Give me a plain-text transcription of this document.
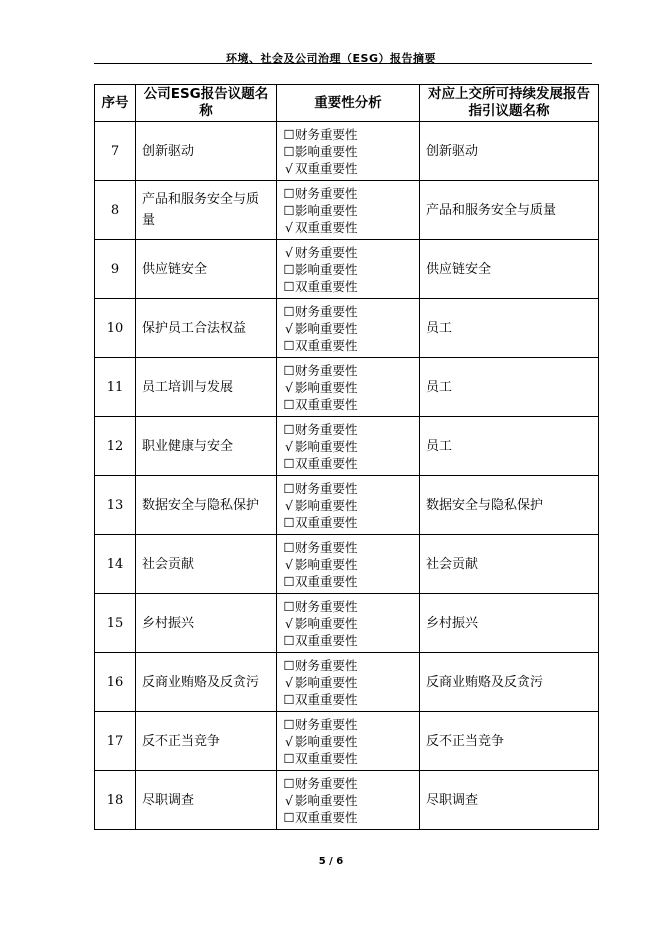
环境、社会及公司治理（ESG）报告摘要
序号	公司ESG报告议题名称	重要性分析	对应上交所可持续发展报告指引议题名称
7	创新驱动	☐财务重要性
☐影响重要性
√ 双重重要性	创新驱动
8	产品和服务安全与质量	☐财务重要性
☐影响重要性
√ 双重重要性	产品和服务安全与质量
9	供应链安全	√ 财务重要性
☐影响重要性
☐双重重要性	供应链安全
10	保护员工合法权益	☐财务重要性
√ 影响重要性
☐双重重要性	员工
11	员工培训与发展	☐财务重要性
√ 影响重要性
☐双重重要性	员工
12	职业健康与安全	☐财务重要性
√ 影响重要性
☐双重重要性	员工
13	数据安全与隐私保护	☐财务重要性
√ 影响重要性
☐双重重要性	数据安全与隐私保护
14	社会贡献	☐财务重要性
√ 影响重要性
☐双重重要性	社会贡献
15	乡村振兴	☐财务重要性
√ 影响重要性
☐双重重要性	乡村振兴
16	反商业贿赂及反贪污	☐财务重要性
√ 影响重要性
☐双重重要性	反商业贿赂及反贪污
17	反不正当竞争	☐财务重要性
√ 影响重要性
☐双重重要性	反不正当竞争
18	尽职调查	☐财务重要性
√ 影响重要性
☐双重重要性	尽职调查
5 / 6
